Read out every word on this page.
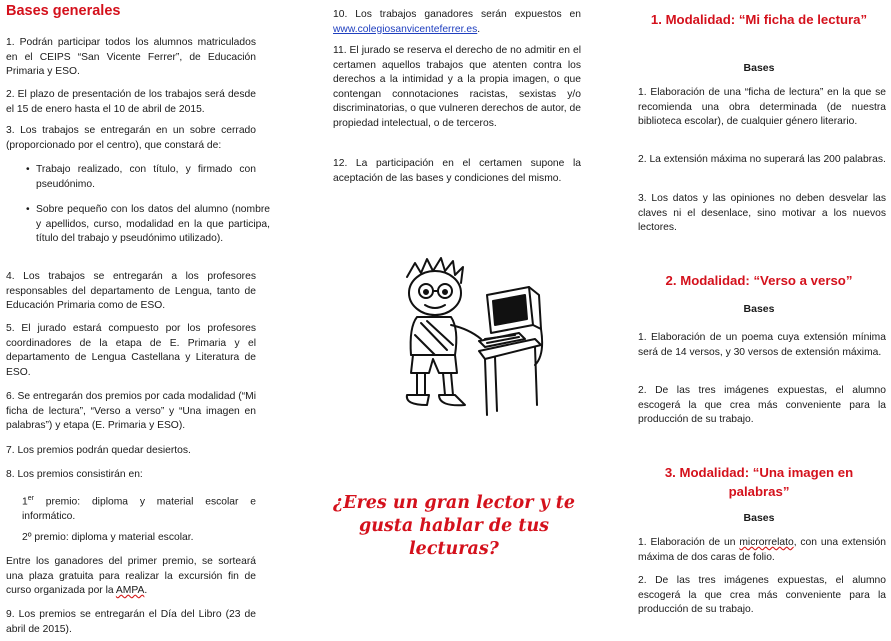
Bases generales

1. Podrán participar todos los alumnos matriculados en el CEIPS “San Vicente Ferrer”, de Educación Primaria y ESO.

2. El plazo de presentación de los trabajos será desde el 15 de enero hasta el 10 de abril de 2015.

3. Los trabajos se entregarán en un sobre cerrado (proporcionado por el centro), que constará de:

• Trabajo realizado, con título, y firmado con pseudónimo.
• Sobre pequeño con los datos del alumno (nombre y apellidos, curso, modalidad en la que participa, título del trabajo y pseudónimo utilizado).

4. Los trabajos se entregarán a los profesores responsables del departamento de Lengua, tanto de Educación Primaria como de ESO.

5. El jurado estará compuesto por los profesores coordinadores de la etapa de E. Primaria y el departamento de Lengua Castellana y Literatura de ESO.

6. Se entregarán dos premios por cada modalidad (“Mi ficha de lectura”, “Verso a verso” y “Una imagen en palabras”) y etapa (E. Primaria y ESO).

7. Los premios podrán quedar desiertos.

8. Los premios consistirán en:

1er premio: diploma y material escolar e informático.

2º premio: diploma y material escolar.

Entre los ganadores del primer premio, se sorteará una plaza gratuita para realizar la excursión fin de curso organizada por la AMPA.

9. Los premios se entregarán el Día del Libro (23 de abril de 2015).

10. Los trabajos ganadores serán expuestos en www.colegiosanvicenteferrer.es.

11. El jurado se reserva el derecho de no admitir en el certamen aquellos trabajos que atenten contra los derechos a la intimidad y a la propia imagen, o que contengan connotaciones racistas, sexistas y/o discriminatorias, o que vulneren derechos de autor, de propiedad intelectual, o de terceros.

12. La participación en el certamen supone la aceptación de las bases y condiciones del mismo.

¿Eres un gran lector y te gusta hablar de tus lecturas?

1. Modalidad: “Mi ficha de lectura”
Bases

1. Elaboración de una “ficha de lectura” en la que se recomienda una obra determinada (de nuestra biblioteca escolar), de cualquier género literario.

2. La extensión máxima no superará las 200 palabras.

3. Los datos y las opiniones no deben desvelar las claves ni el desenlace, sino motivar a los nuevos lectores.

2. Modalidad: “Verso a verso”
Bases

1. Elaboración de un poema cuya extensión mínima será de 14 versos, y 30 versos de extensión máxima.

2. De las tres imágenes expuestas, el alumno escogerá la que crea más conveniente para la producción de su trabajo.

3. Modalidad: “Una imagen en palabras”
Bases

1. Elaboración de un microrrelato, con una extensión máxima de dos caras de folio.

2. De las tres imágenes expuestas, el alumno escogerá la que crea más conveniente para la producción de su trabajo.
